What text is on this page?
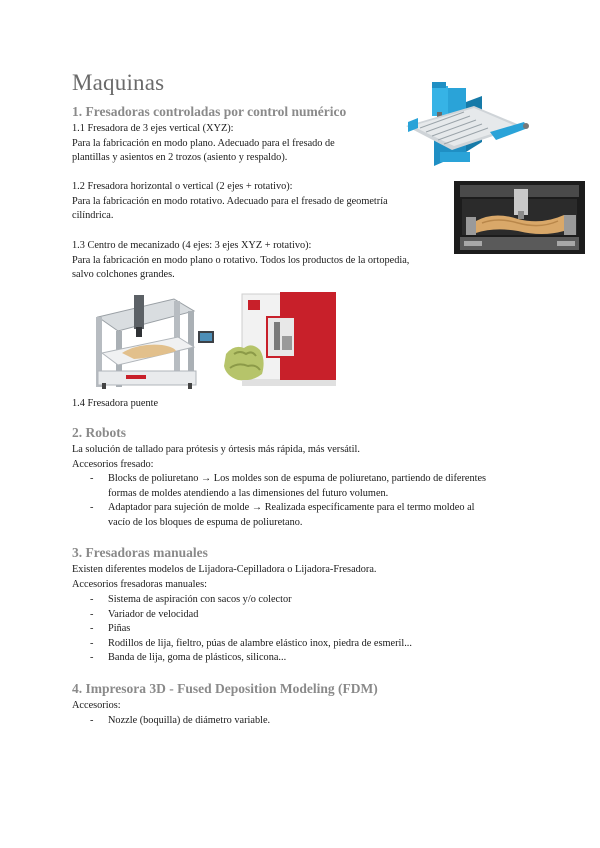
Maquinas
1. Fresadoras controladas por control numérico
1.1 Fresadora de 3 ejes vertical (XYZ):
Para la fabricación en modo plano. Adecuado para el fresado de
plantillas y asientos en 2 trozos (asiento y respaldo).
1.2 Fresadora horizontal o vertical (2 ejes + rotativo):
Para la fabricación en modo rotativo. Adecuado para el fresado de geometría
cilíndrica.
1.3 Centro de mecanizado (4 ejes: 3 ejes XYZ + rotativo):
Para la fabricación en modo plano o rotativo. Todos los productos de la ortopedia,
salvo colchones grandes.
1.4 Fresadora puente
2. Robots
La solución de tallado para prótesis y órtesis más rápida, más versátil.
Accesorios fresado:
- Blocks de poliuretano → Los moldes son de espuma de poliuretano, partiendo de diferentes
formas de moldes atendiendo a las dimensiones del futuro volumen.
- Adaptador para sujeción de molde → Realizada específicamente para el termo moldeo al
vacío de los bloques de espuma de poliuretano.
3. Fresadoras manuales
Existen diferentes modelos de Lijadora-Cepilladora o Lijadora-Fresadora.
Accesorios fresadoras manuales:
- Sistema de aspiración con sacos y/o colector
- Variador de velocidad
- Piñas
- Rodillos de lija, fieltro, púas de alambre elástico inox, piedra de esmeril...
- Banda de lija, goma de plásticos, silicona...
4. Impresora 3D - Fused Deposition Modeling (FDM)
Accesorios:
- Nozzle (boquilla) de diámetro variable.
